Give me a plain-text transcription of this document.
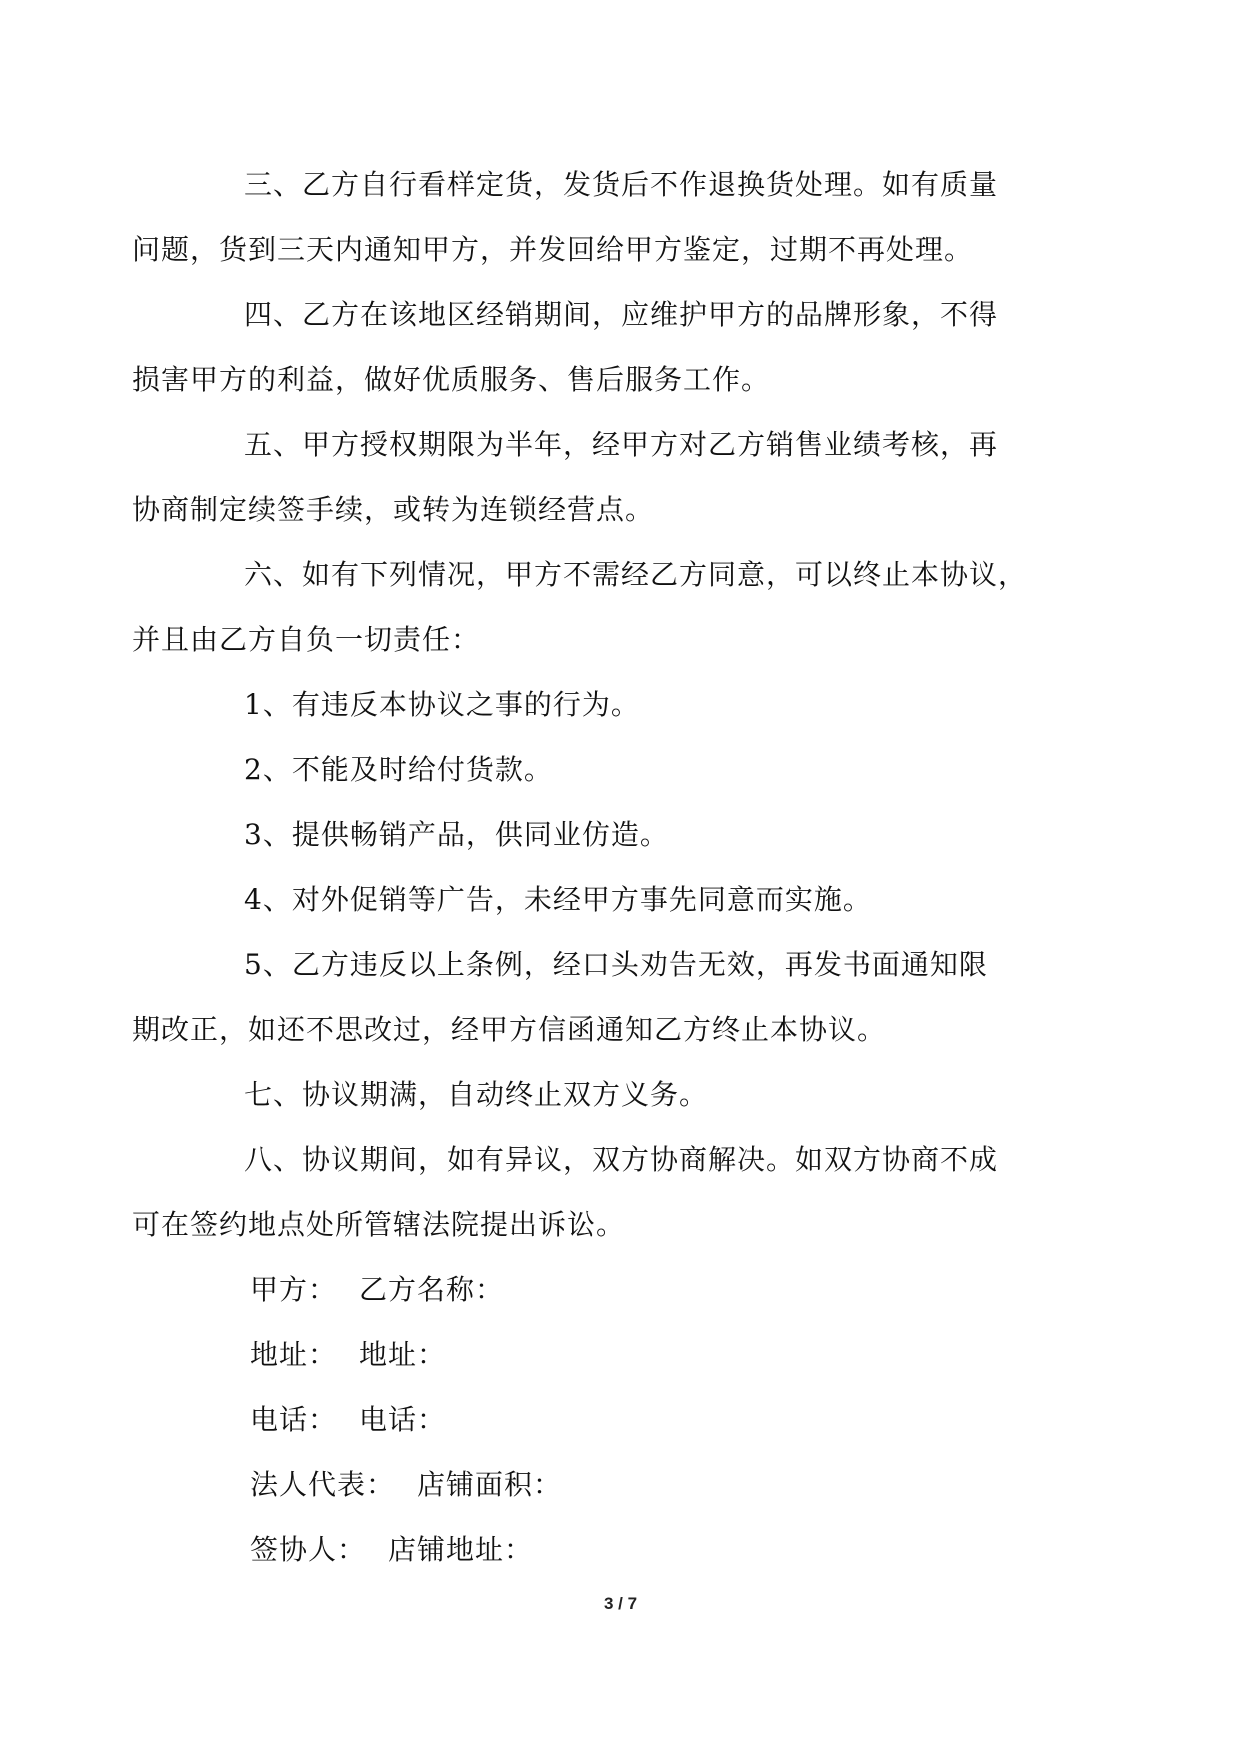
三、乙方自行看样定货，发货后不作退换货处理。如有质量
问题，货到三天内通知甲方，并发回给甲方鉴定，过期不再处理。

四、乙方在该地区经销期间，应维护甲方的品牌形象，不得
损害甲方的利益，做好优质服务、售后服务工作。

五、甲方授权期限为半年，经甲方对乙方销售业绩考核，再
协商制定续签手续，或转为连锁经营点。

六、如有下列情况，甲方不需经乙方同意，可以终止本协议，
并且由乙方自负一切责任：

1、有违反本协议之事的行为。

2、不能及时给付货款。

3、提供畅销产品，供同业仿造。

4、对外促销等广告，未经甲方事先同意而实施。

5、乙方违反以上条例，经口头劝告无效，再发书面通知限
期改正，如还不思改过，经甲方信函通知乙方终止本协议。

七、协议期满，自动终止双方义务。

八、协议期间，如有异议，双方协商解决。如双方协商不成
可在签约地点处所管辖法院提出诉讼。

甲方： 乙方名称：

地址： 地址：

电话： 电话：

法人代表： 店铺面积：

签协人： 店铺地址：

3 / 7
